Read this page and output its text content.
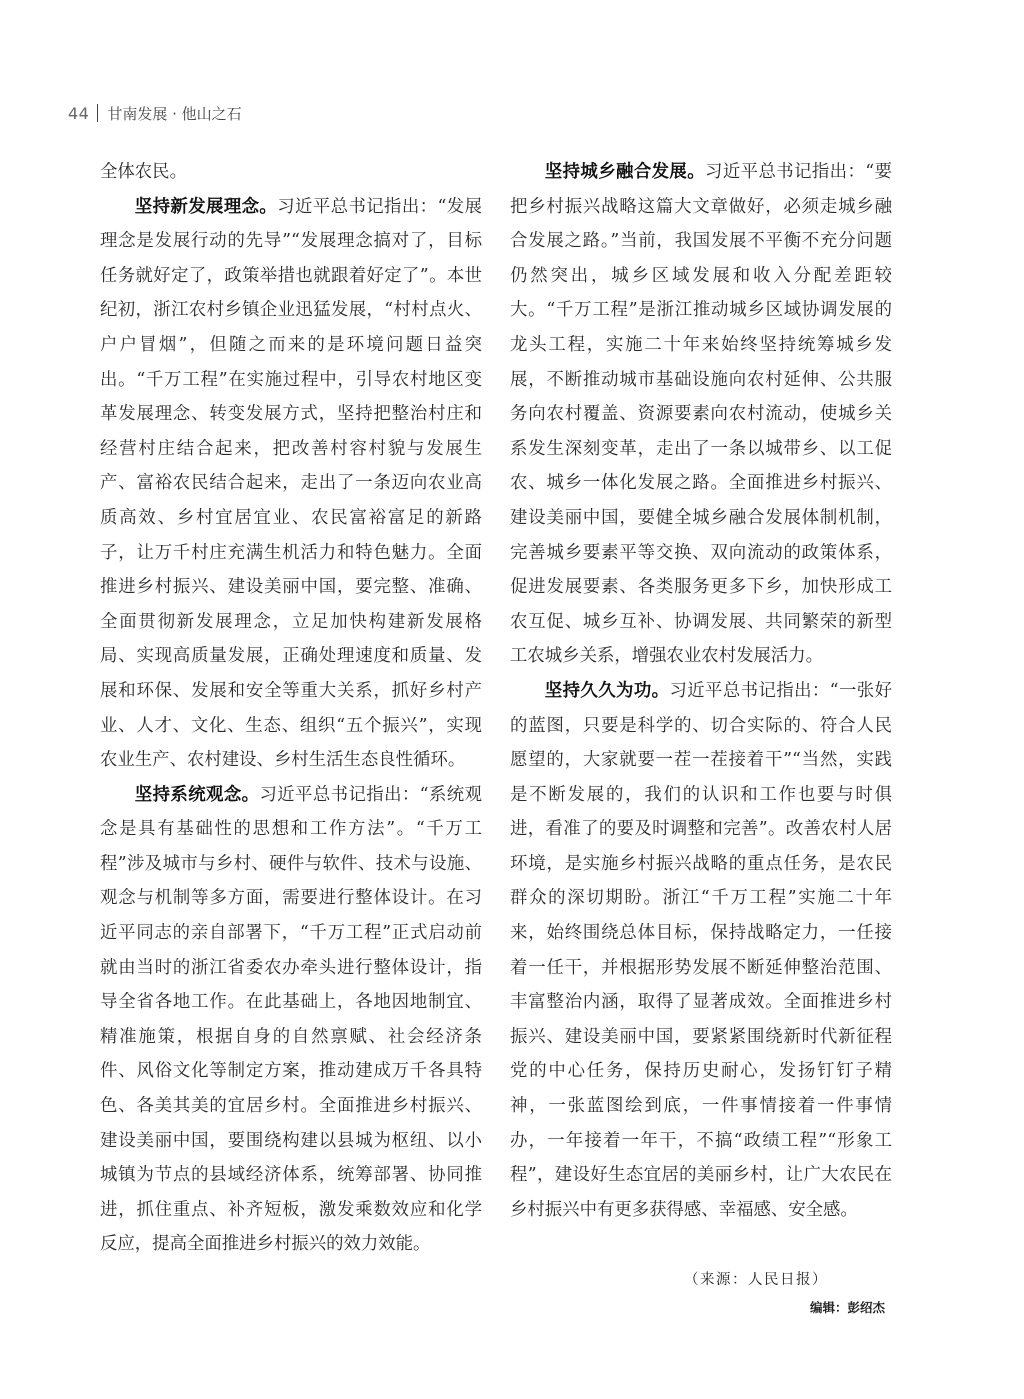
44 甘南发展 · 他山之石

全体农民。

坚持新发展理念。习近平总书记指出：“发展理念是发展行动的先导”“发展理念搞对了，目标任务就好定了，政策举措也就跟着好定了”。本世纪初，浙江农村乡镇企业迅猛发展，“村村点火、户户冒烟”，但随之而来的是环境问题日益突出。“千万工程”在实施过程中，引导农村地区变革发展理念、转变发展方式，坚持把整治村庄和经营村庄结合起来，把改善村容村貌与发展生产、富裕农民结合起来，走出了一条迈向农业高质高效、乡村宜居宜业、农民富裕富足的新路子，让万千村庄充满生机活力和特色魅力。全面推进乡村振兴、建设美丽中国，要完整、准确、全面贯彻新发展理念，立足加快构建新发展格局、实现高质量发展，正确处理速度和质量、发展和环保、发展和安全等重大关系，抓好乡村产业、人才、文化、生态、组织“五个振兴”，实现农业生产、农村建设、乡村生活生态良性循环。

坚持系统观念。习近平总书记指出：“系统观念是具有基础性的思想和工作方法”。“千万工程”涉及城市与乡村、硬件与软件、技术与设施、观念与机制等多方面，需要进行整体设计。在习近平同志的亲自部署下，“千万工程”正式启动前就由当时的浙江省委农办牵头进行整体设计，指导全省各地工作。在此基础上，各地因地制宜、精准施策，根据自身的自然禀赋、社会经济条件、风俗文化等制定方案，推动建成万千各具特色、各美其美的宜居乡村。全面推进乡村振兴、建设美丽中国，要围绕构建以县城为枢纽、以小城镇为节点的县域经济体系，统筹部署、协同推进，抓住重点、补齐短板，激发乘数效应和化学反应，提高全面推进乡村振兴的效力效能。

坚持城乡融合发展。习近平总书记指出：“要把乡村振兴战略这篇大文章做好，必须走城乡融合发展之路。”当前，我国发展不平衡不充分问题仍然突出，城乡区域发展和收入分配差距较大。“千万工程”是浙江推动城乡区域协调发展的龙头工程，实施二十年来始终坚持统筹城乡发展，不断推动城市基础设施向农村延伸、公共服务向农村覆盖、资源要素向农村流动，使城乡关系发生深刻变革，走出了一条以城带乡、以工促农、城乡一体化发展之路。全面推进乡村振兴、建设美丽中国，要健全城乡融合发展体制机制，完善城乡要素平等交换、双向流动的政策体系，促进发展要素、各类服务更多下乡，加快形成工农互促、城乡互补、协调发展、共同繁荣的新型工农城乡关系，增强农业农村发展活力。

坚持久久为功。习近平总书记指出：“一张好的蓝图，只要是科学的、切合实际的、符合人民愿望的，大家就要一茬一茬接着干”“当然，实践是不断发展的，我们的认识和工作也要与时俱进，看准了的要及时调整和完善”。改善农村人居环境，是实施乡村振兴战略的重点任务，是农民群众的深切期盼。浙江“千万工程”实施二十年来，始终围绕总体目标，保持战略定力，一任接着一任干，并根据形势发展不断延伸整治范围、丰富整治内涵，取得了显著成效。全面推进乡村振兴、建设美丽中国，要紧紧围绕新时代新征程党的中心任务，保持历史耐心，发扬钉钉子精神，一张蓝图绘到底，一件事情接着一件事情办，一年接着一年干，不搞“政绩工程”“形象工程”，建设好生态宜居的美丽乡村，让广大农民在乡村振兴中有更多获得感、幸福感、安全感。

（来源：人民日报）
编辑：彭绍杰
